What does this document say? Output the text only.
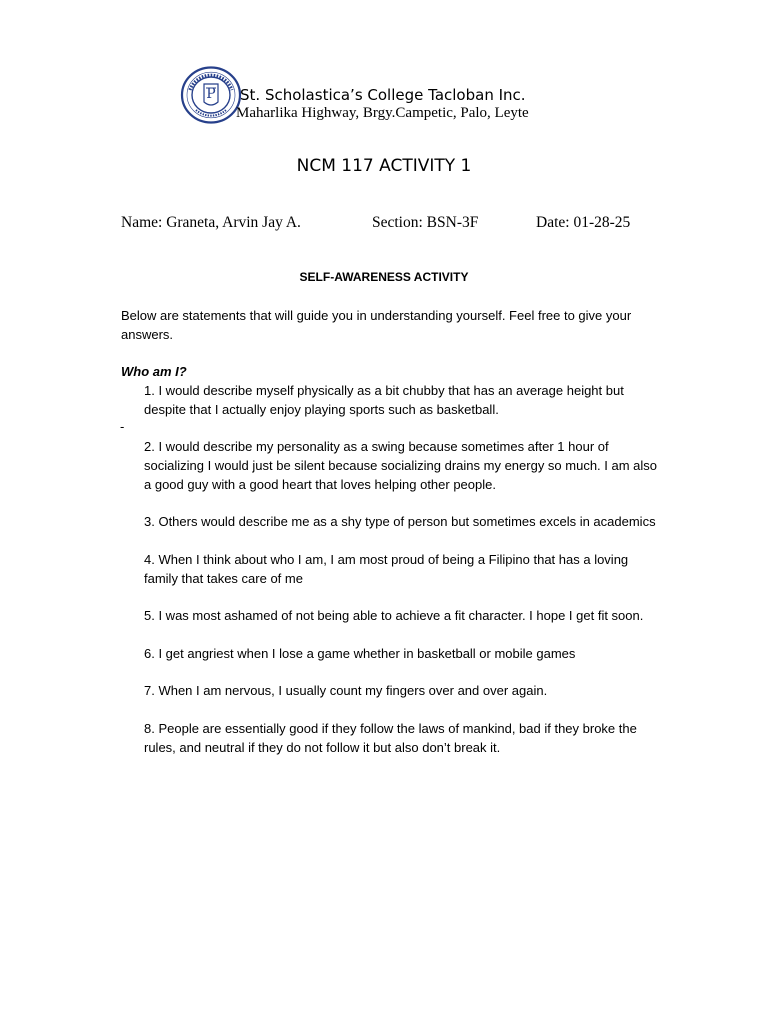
P St. Scholastica’s College Tacloban Inc.
Maharlika Highway, Brgy.Campetic, Palo, Leyte
NCM 117 ACTIVITY 1
Name: Graneta, Arvin Jay A.	Section: BSN-3F	Date: 01-28-25
SELF-AWARENESS ACTIVITY
Below are statements that will guide you in understanding yourself. Feel free to give your answers.
Who am I?
1. I would describe myself physically as a bit chubby that has an average height but despite that I actually enjoy playing sports such as basketball.
-
2. I would describe my personality as a swing because sometimes after 1 hour of socializing I would just be silent because socializing drains my energy so much. I am also a good guy with a good heart that loves helping other people.
3. Others would describe me as a shy type of person but sometimes excels in academics
4. When I think about who I am, I am most proud of being a Filipino that has a loving family that takes care of me
5. I was most ashamed of not being able to achieve a fit character. I hope I get fit soon.
6. I get angriest when I lose a game whether in basketball or mobile games
7. When I am nervous, I usually count my fingers over and over again.
8. People are essentially good if they follow the laws of mankind, bad if they broke the rules, and neutral if they do not follow it but also don’t break it.
